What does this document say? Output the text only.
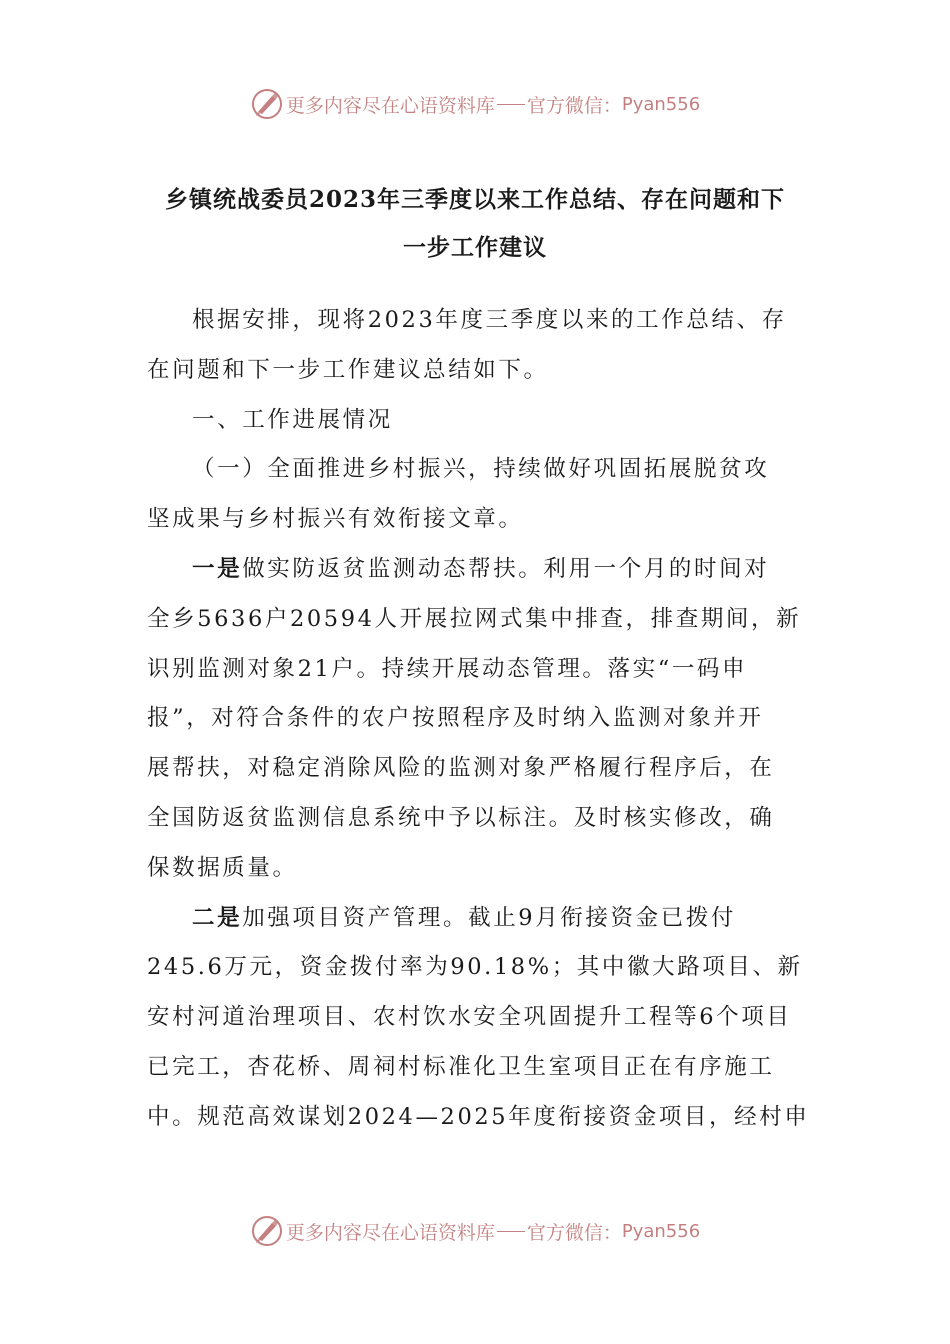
更多内容尽在心语资料库 官方微信： Pyan556
乡镇统战委员2023年三季度以来工作总结、存在问题和下
一步工作建议

根据安排，现将2023年度三季度以来的工作总结、存
在问题和下一步工作建议总结如下。

一、工作进展情况

（一）全面推进乡村振兴，持续做好巩固拓展脱贫攻
坚成果与乡村振兴有效衔接文章。

一是做实防返贫监测动态帮扶。利用一个月的时间对
全乡5636户20594人开展拉网式集中排查，排查期间，新
识别监测对象21户。持续开展动态管理。落实“一码申
报”，对符合条件的农户按照程序及时纳入监测对象并开
展帮扶，对稳定消除风险的监测对象严格履行程序后，在
全国防返贫监测信息系统中予以标注。及时核实修改，确
保数据质量。

二是加强项目资产管理。截止9月衔接资金已拨付
245.6万元，资金拨付率为90.18%；其中徽大路项目、新
安村河道治理项目、农村饮水安全巩固提升工程等6个项目
已完工，杏花桥、周祠村标准化卫生室项目正在有序施工
中。规范高效谋划2024—2025年度衔接资金项目，经村申

更多内容尽在心语资料库 官方微信： Pyan556
